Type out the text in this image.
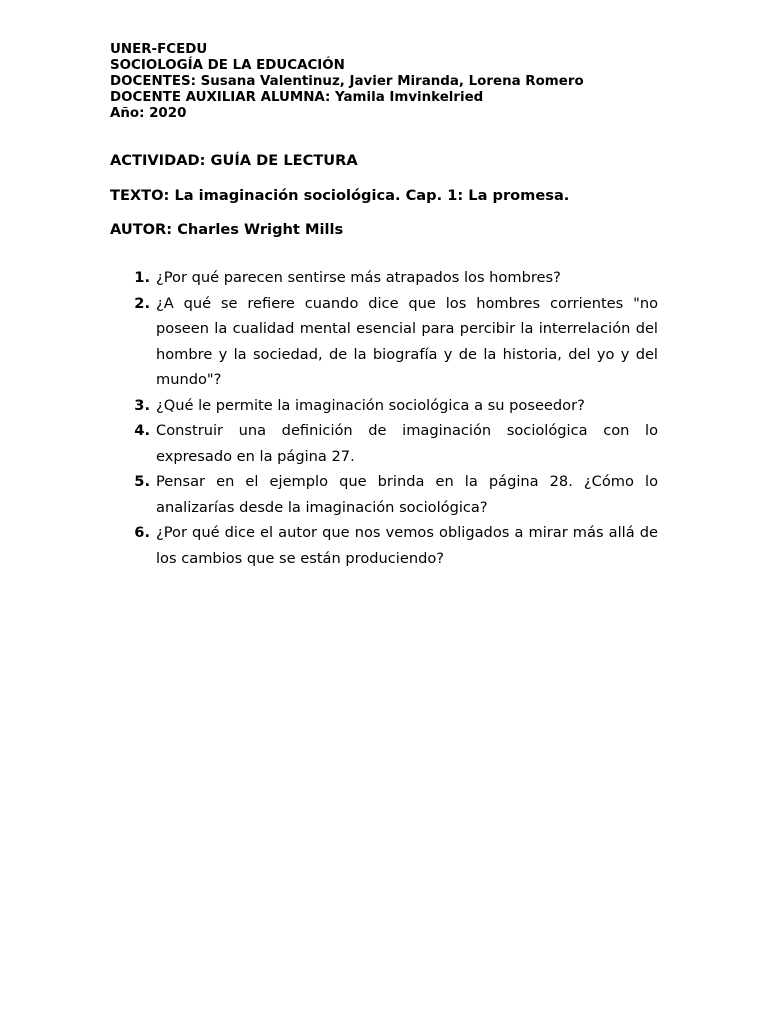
UNER-FCEDU
SOCIOLOGÍA DE LA EDUCACIÓN
DOCENTES: Susana Valentinuz, Javier Miranda, Lorena Romero
DOCENTE AUXILIAR ALUMNA: Yamila Imvinkelried
Año: 2020
ACTIVIDAD: GUÍA DE LECTURA
TEXTO: La imaginación sociológica. Cap. 1: La promesa.
AUTOR: Charles Wright Mills
1. ¿Por qué parecen sentirse más atrapados los hombres?
2. ¿A qué se refiere cuando dice que los hombres corrientes "no poseen la cualidad mental esencial para percibir la interrelación del hombre y la sociedad, de la biografía y de la historia, del yo y del mundo"?
3. ¿Qué le permite la imaginación sociológica a su poseedor?
4. Construir una definición de imaginación sociológica con lo expresado en la página 27.
5. Pensar en el ejemplo que brinda en la página 28. ¿Cómo lo analizarías desde la imaginación sociológica?
6. ¿Por qué dice el autor que nos vemos obligados a mirar más allá de los cambios que se están produciendo?
